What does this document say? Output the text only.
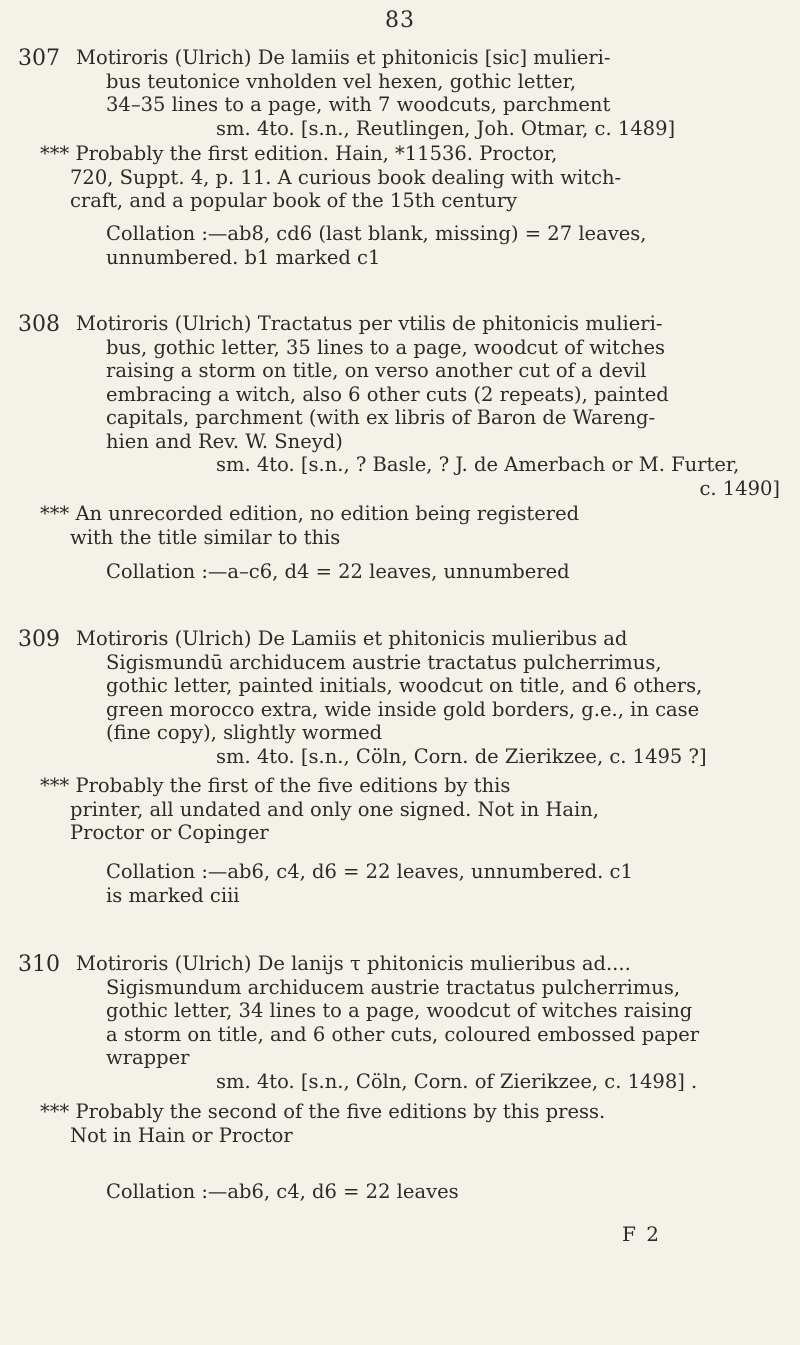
83
307 Motiroris (Ulrich) De lamiis et phitonicis [sic] mulieri-
bus teutonice vnholden vel hexen, gothic letter,
34–35 lines to a page, with 7 woodcuts, parchment
sm. 4to. [s.n., Reutlingen, Joh. Otmar, c. 1489]
*** Probably the first edition. Hain, *11536. Proctor,
720, Suppt. 4, p. 11. A curious book dealing with witch-
craft, and a popular book of the 15th century
Collation :—ab8, cd6 (last blank, missing) = 27 leaves,
unnumbered. b1 marked c1
308 Motiroris (Ulrich) Tractatus per vtilis de phitonicis mulieri-
bus, gothic letter, 35 lines to a page, woodcut of witches
raising a storm on title, on verso another cut of a devil
embracing a witch, also 6 other cuts (2 repeats), painted
capitals, parchment (with ex libris of Baron de Wareng-
hien and Rev. W. Sneyd)
sm. 4to. [s.n., ? Basle, ? J. de Amerbach or M. Furter,
c. 1490]
*** An unrecorded edition, no edition being registered
with the title similar to this
Collation :—a–c6, d4 = 22 leaves, unnumbered
309 Motiroris (Ulrich) De Lamiis et phitonicis mulieribus ad
Sigismundū archiducem austrie tractatus pulcherrimus,
gothic letter, painted initials, woodcut on title, and 6 others,
green morocco extra, wide inside gold borders, g.e., in case
(fine copy), slightly wormed
sm. 4to. [s.n., Cöln, Corn. de Zierikzee, c. 1495 ?]
*** Probably the first of the five editions by this
printer, all undated and only one signed. Not in Hain,
Proctor or Copinger
Collation :—ab6, c4, d6 = 22 leaves, unnumbered. c1
is marked ciii
310 Motiroris (Ulrich) De lanijs τ phitonicis mulieribus ad....
Sigismundum archiducem austrie tractatus pulcherrimus,
gothic letter, 34 lines to a page, woodcut of witches raising
a storm on title, and 6 other cuts, coloured embossed paper
wrapper
sm. 4to. [s.n., Cöln, Corn. of Zierikzee, c. 1498] .
*** Probably the second of the five editions by this press.
Not in Hain or Proctor
Collation :—ab6, c4, d6 = 22 leaves
F 2
